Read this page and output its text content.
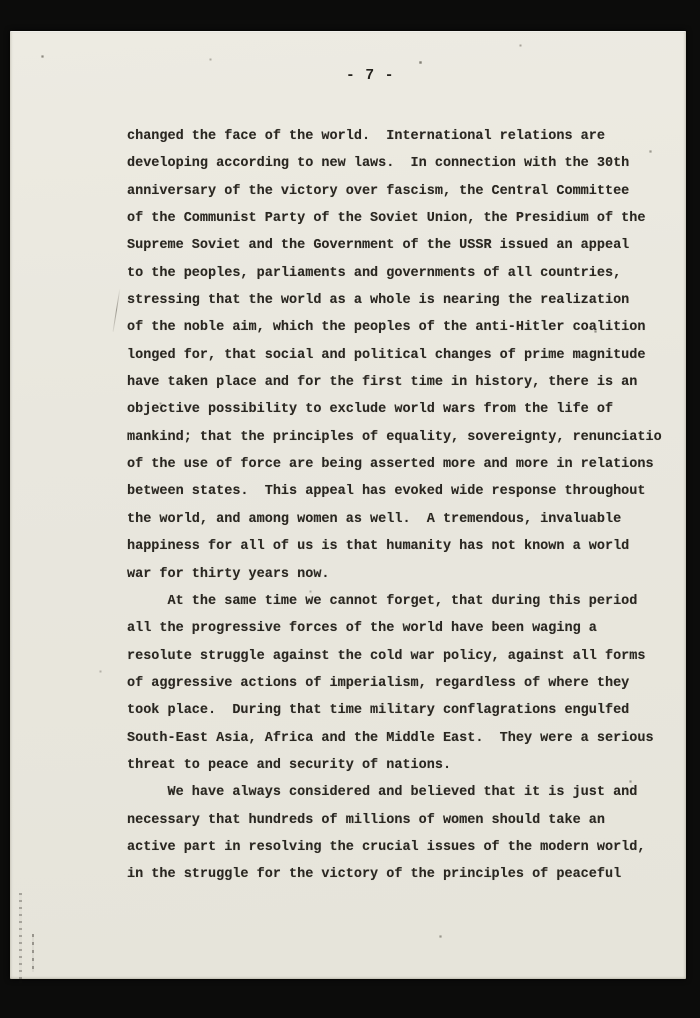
- 7 -
changed the face of the world.  International relations are
developing according to new laws.  In connection with the 30th
anniversary of the victory over fascism, the Central Committee
of the Communist Party of the Soviet Union, the Presidium of the
Supreme Soviet and the Government of the USSR issued an appeal
to the peoples, parliaments and governments of all countries,
stressing that the world as a whole is nearing the realization
of the noble aim, which the peoples of the anti-Hitler coalition
longed for, that social and political changes of prime magnitude
have taken place and for the first time in history, there is an
objective possibility to exclude world wars from the life of
mankind; that the principles of equality, sovereignty, renunciatio
of the use of force are being asserted more and more in relations
between states.  This appeal has evoked wide response throughout
the world, and among women as well.  A tremendous, invaluable
happiness for all of us is that humanity has not known a world
war for thirty years now.
At the same time we cannot forget, that during this period
all the progressive forces of the world have been waging a
resolute struggle against the cold war policy, against all forms
of aggressive actions of imperialism, regardless of where they
took place.  During that time military conflagrations engulfed
South-East Asia, Africa and the Middle East.  They were a serious
threat to peace and security of nations.
We have always considered and believed that it is just and
necessary that hundreds of millions of women should take an
active part in resolving the crucial issues of the modern world,
in the struggle for the victory of the principles of peaceful
